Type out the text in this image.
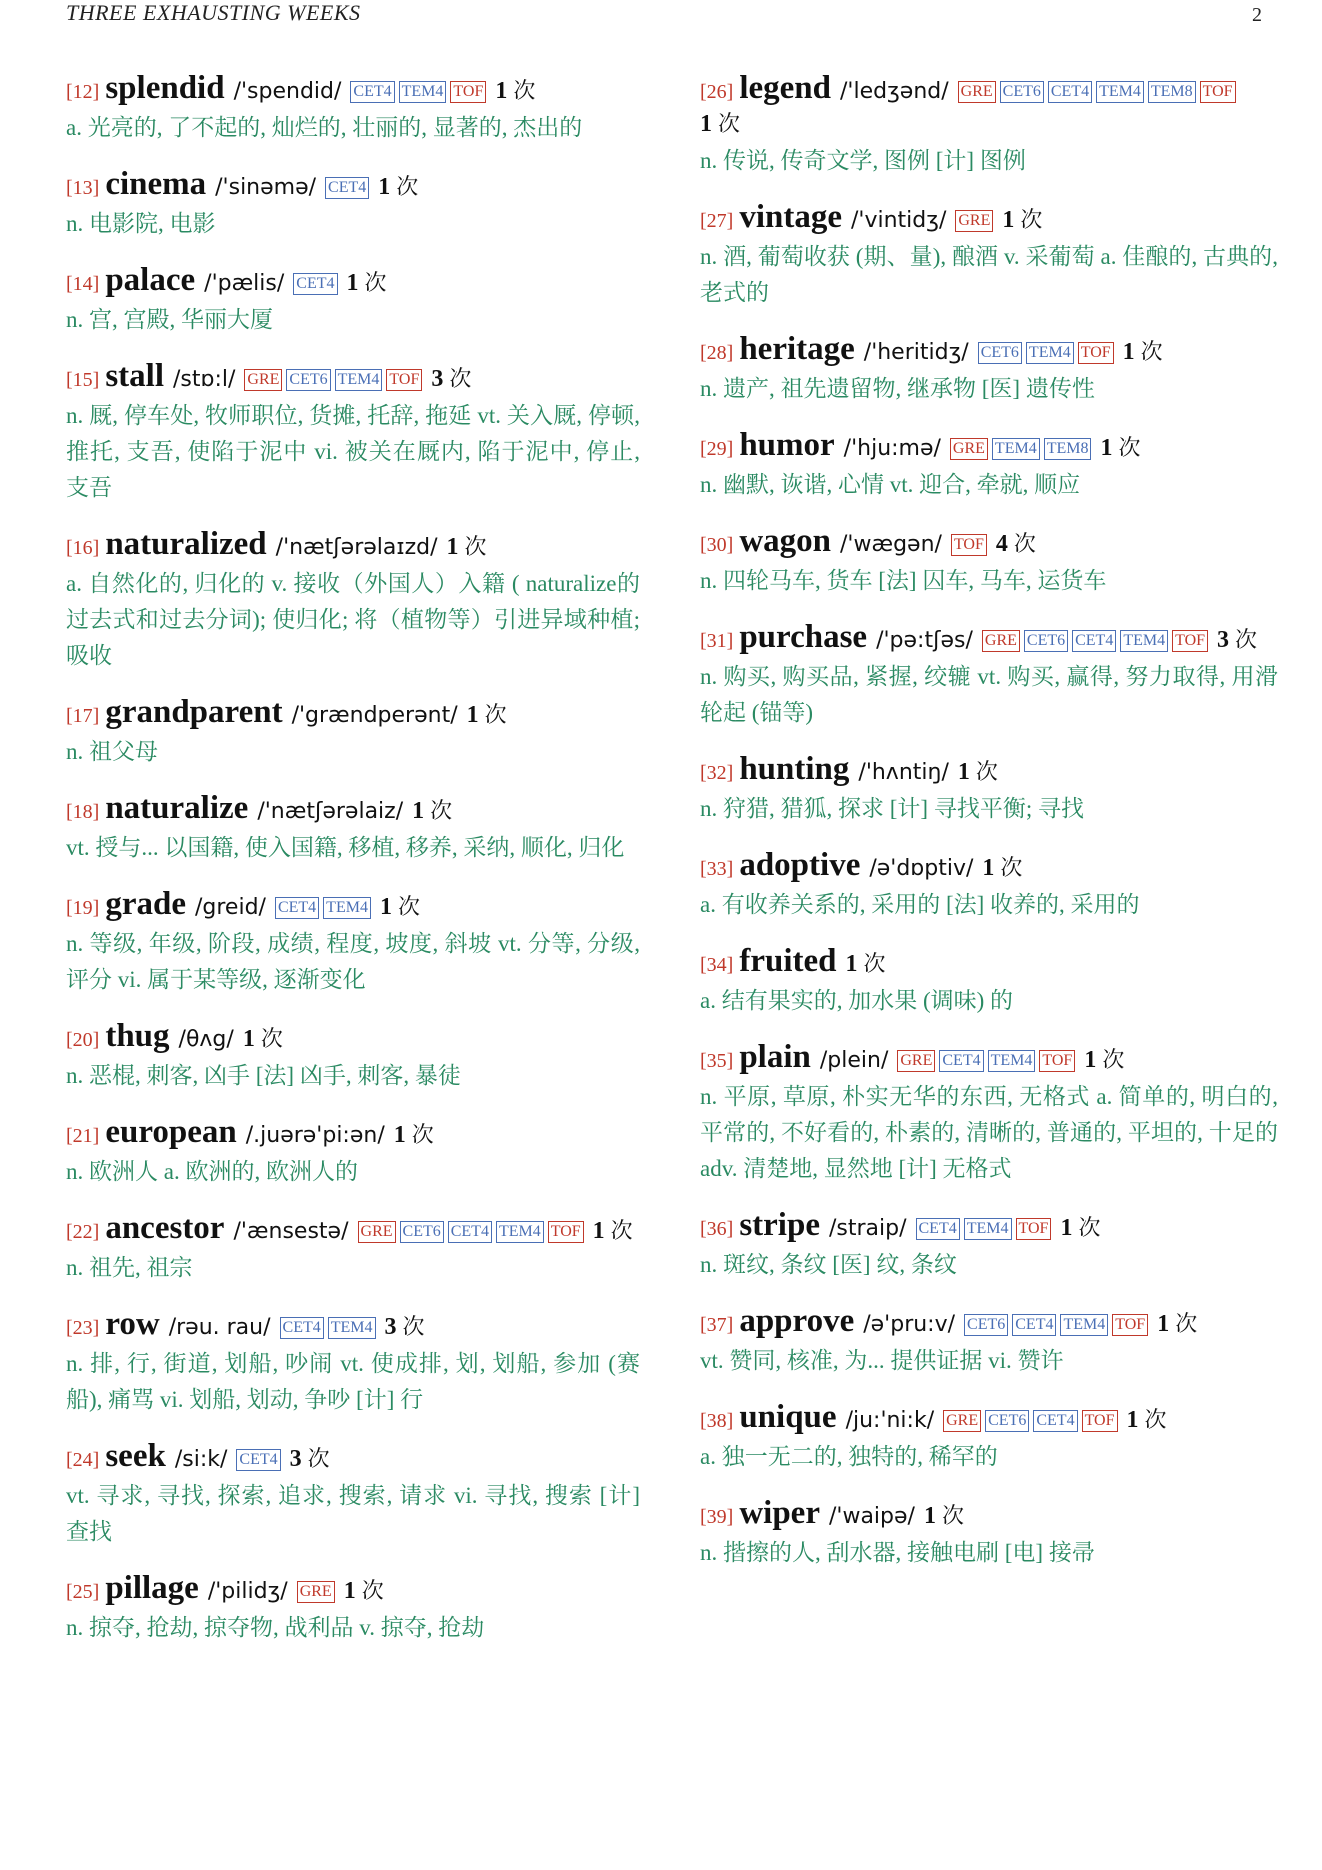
THREE EXHAUSTING WEEKS	2
[12] splendid /'spendid/ CET4 TEM4 TOF 1 次
a. 光亮的, 了不起的, 灿烂的, 壮丽的, 显著的, 杰出的
[13] cinema /'sinəmə/ CET4 1 次
n. 电影院, 电影
[14] palace /'pælis/ CET4 1 次
n. 宫, 宫殿, 华丽大厦
[15] stall /stɒ:l/ GRE CET6 TEM4 TOF 3 次
n. 厩, 停车处, 牧师职位, 货摊, 托辞, 拖延 vt. 关入厩, 停顿, 推托, 支吾, 使陷于泥中 vi. 被关在厩内, 陷于泥中, 停止, 支吾
[16] naturalized /'nætʃərəlaɪzd/ 1 次
a. 自然化的, 归化的 v. 接收（外国人）入籍 ( naturalize的过去式和过去分词); 使归化; 将（植物等）引进异域种植; 吸收
[17] grandparent /'grændperənt/ 1 次
n. 祖父母
[18] naturalize /'nætʃərəlaiz/ 1 次
vt. 授与... 以国籍, 使入国籍, 移植, 移养, 采纳, 顺化, 归化
[19] grade /greid/ CET4 TEM4 1 次
n. 等级, 年级, 阶段, 成绩, 程度, 坡度, 斜坡 vt. 分等, 分级, 评分 vi. 属于某等级, 逐渐变化
[20] thug /θʌg/ 1 次
n. 恶棍, 刺客, 凶手 [法] 凶手, 刺客, 暴徒
[21] european /.juərə'pi:ən/ 1 次
n. 欧洲人 a. 欧洲的, 欧洲人的
[22] ancestor /'ænsestə/ GRE CET6 CET4 TEM4 TOF 1 次
n. 祖先, 祖宗
[23] row /rəu. rau/ CET4 TEM4 3 次
n. 排, 行, 街道, 划船, 吵闹 vt. 使成排, 划, 划船, 参加 (赛船), 痛骂 vi. 划船, 划动, 争吵 [计] 行
[24] seek /si:k/ CET4 3 次
vt. 寻求, 寻找, 探索, 追求, 搜索, 请求 vi. 寻找, 搜索 [计] 查找
[25] pillage /'pilidʒ/ GRE 1 次
n. 掠夺, 抢劫, 掠夺物, 战利品 v. 掠夺, 抢劫
[26] legend /'ledʒənd/ GRE CET6 CET4 TEM4 TEM8 TOF 1 次
n. 传说, 传奇文学, 图例 [计] 图例
[27] vintage /'vintidʒ/ GRE 1 次
n. 酒, 葡萄收获 (期、量), 酿酒 v. 采葡萄 a. 佳酿的, 古典的, 老式的
[28] heritage /'heritidʒ/ CET6 TEM4 TOF 1 次
n. 遗产, 祖先遗留物, 继承物 [医] 遗传性
[29] humor /'hju:mə/ GRE TEM4 TEM8 1 次
n. 幽默, 诙谐, 心情 vt. 迎合, 牵就, 顺应
[30] wagon /'wægən/ TOF 4 次
n. 四轮马车, 货车 [法] 囚车, 马车, 运货车
[31] purchase /'pə:tʃəs/ GRE CET6 CET4 TEM4 TOF 3 次
n. 购买, 购买品, 紧握, 绞辘 vt. 购买, 赢得, 努力取得, 用滑轮起 (锚等)
[32] hunting /'hʌntiŋ/ 1 次
n. 狩猎, 猎狐, 探求 [计] 寻找平衡; 寻找
[33] adoptive /ə'dɒptiv/ 1 次
a. 有收养关系的, 采用的 [法] 收养的, 采用的
[34] fruited 1 次
a. 结有果实的, 加水果 (调味) 的
[35] plain /plein/ GRE CET4 TEM4 TOF 1 次
n. 平原, 草原, 朴实无华的东西, 无格式 a. 简单的, 明白的, 平常的, 不好看的, 朴素的, 清晰的, 普通的, 平坦的, 十足的 adv. 清楚地, 显然地 [计] 无格式
[36] stripe /straip/ CET4 TEM4 TOF 1 次
n. 斑纹, 条纹 [医] 纹, 条纹
[37] approve /ə'pru:v/ CET6 CET4 TEM4 TOF 1 次
vt. 赞同, 核准, 为... 提供证据 vi. 赞许
[38] unique /ju:'ni:k/ GRE CET6 CET4 TOF 1 次
a. 独一无二的, 独特的, 稀罕的
[39] wiper /'waipə/ 1 次
n. 揩擦的人, 刮水器, 接触电刷 [电] 接帚
